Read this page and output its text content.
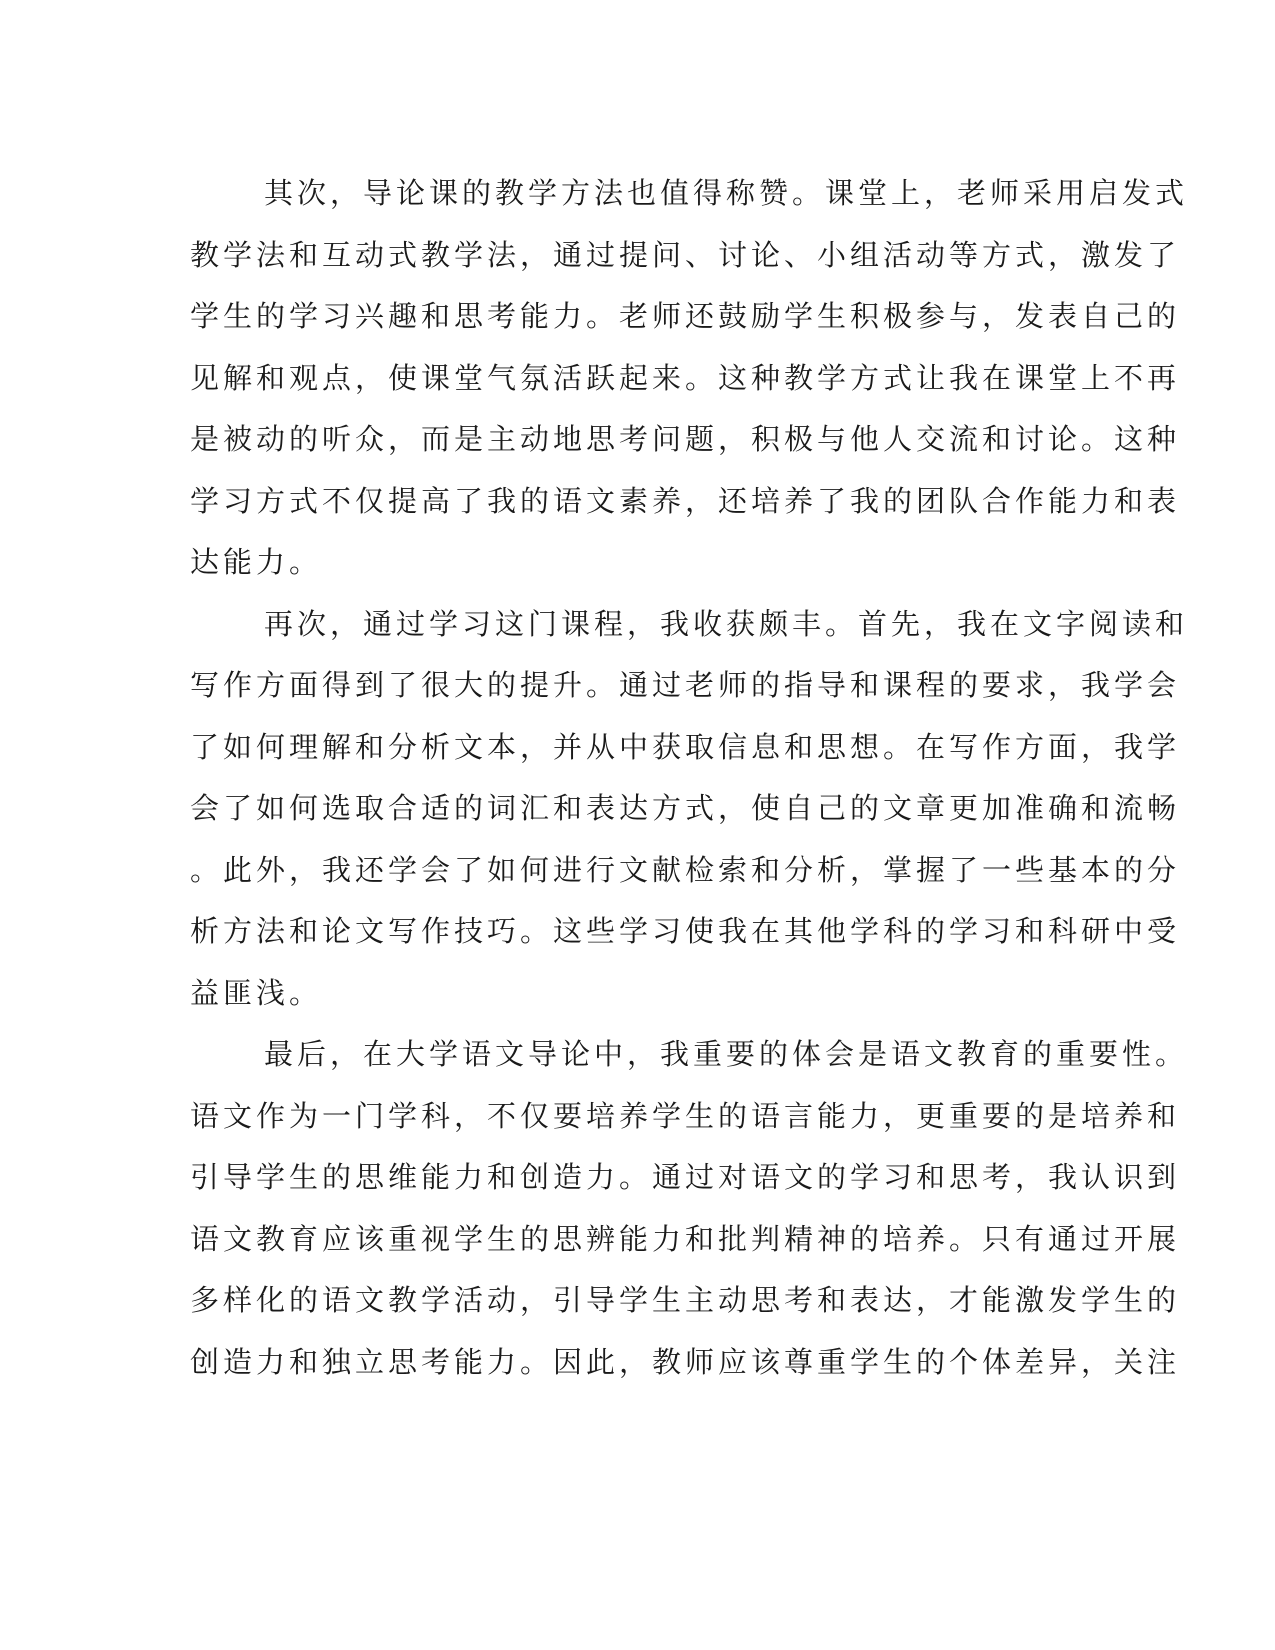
其次，导论课的教学方法也值得称赞。课堂上，老师采用启发式
教学法和互动式教学法，通过提问、讨论、小组活动等方式，激发了
学生的学习兴趣和思考能力。老师还鼓励学生积极参与，发表自己的
见解和观点，使课堂气氛活跃起来。这种教学方式让我在课堂上不再
是被动的听众，而是主动地思考问题，积极与他人交流和讨论。这种
学习方式不仅提高了我的语文素养，还培养了我的团队合作能力和表
达能力。

再次，通过学习这门课程，我收获颇丰。首先，我在文字阅读和
写作方面得到了很大的提升。通过老师的指导和课程的要求，我学会
了如何理解和分析文本，并从中获取信息和思想。在写作方面，我学
会了如何选取合适的词汇和表达方式，使自己的文章更加准确和流畅
。此外，我还学会了如何进行文献检索和分析，掌握了一些基本的分
析方法和论文写作技巧。这些学习使我在其他学科的学习和科研中受
益匪浅。

最后，在大学语文导论中，我重要的体会是语文教育的重要性。
语文作为一门学科，不仅要培养学生的语言能力，更重要的是培养和
引导学生的思维能力和创造力。通过对语文的学习和思考，我认识到
语文教育应该重视学生的思辨能力和批判精神的培养。只有通过开展
多样化的语文教学活动，引导学生主动思考和表达，才能激发学生的
创造力和独立思考能力。因此，教师应该尊重学生的个体差异，关注
